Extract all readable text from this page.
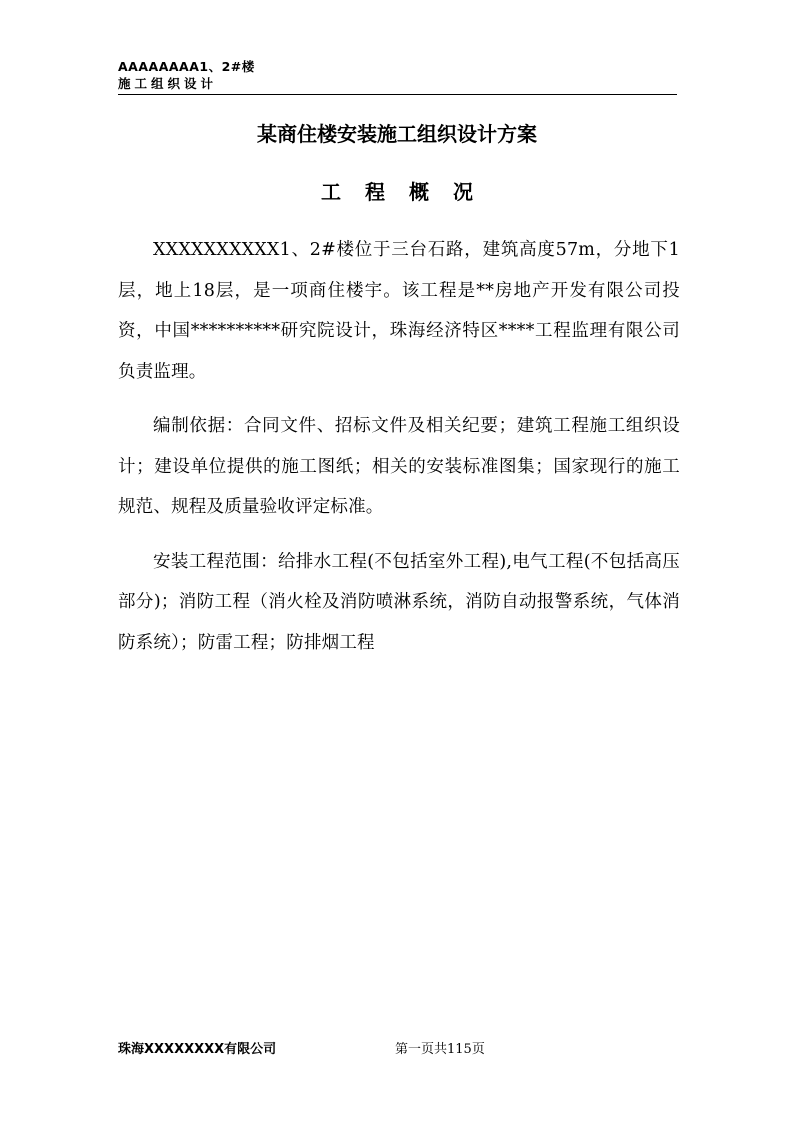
AAAAAAAA1、2#楼
施工组织设计
某商住楼安装施工组织设计方案
工程概况

XXXXXXXXXX1、2#楼位于三台石路，建筑高度57m，分地下1层，地上18层，是一项商住楼宇。该工程是**房地产开发有限公司投资，中国**********研究院设计，珠海经济特区****工程监理有限公司负责监理。

编制依据：合同文件、招标文件及相关纪要；建筑工程施工组织设计；建设单位提供的施工图纸；相关的安装标准图集；国家现行的施工规范、规程及质量验收评定标准。

安装工程范围：给排水工程(不包括室外工程),电气工程(不包括高压部分)；消防工程（消火栓及消防喷淋系统，消防自动报警系统，气体消防系统）；防雷工程；防排烟工程

珠海XXXXXXXX有限公司	第一页共115页
